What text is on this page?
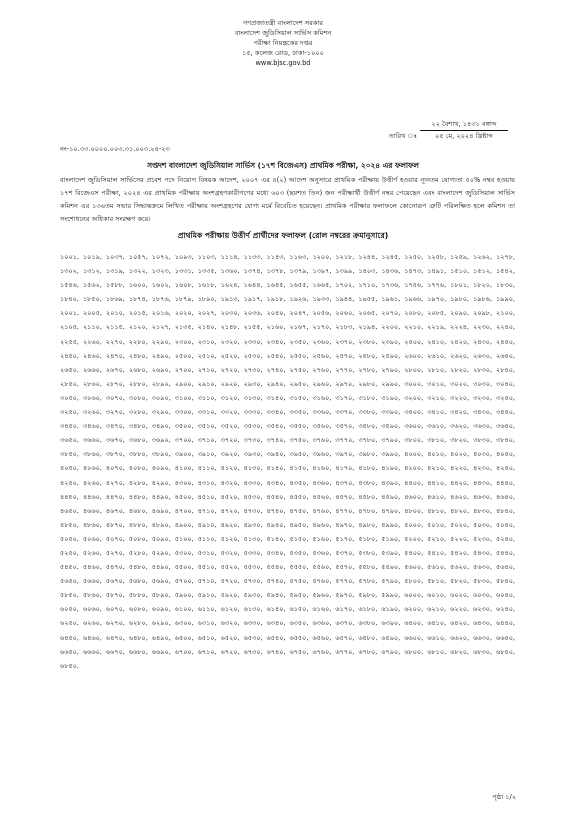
গণপ্রজাতন্ত্রী বাংলাদেশ সরকার
বাংলাদেশ জুডিসিয়াল সার্ভিস কমিশন
পরীক্ষা নিয়ন্ত্রকের দপ্তর
১৫, কলেজ রোড, ঢাকা-১০০০
www.bjsc.gov.bd
তারিখ ঃ
২২ বৈশাখ, ১৪৩১ বঙ্গাব্দ
০৫ মে, ২০২৪ খ্রিষ্টাব্দ
নং-১০.৩৩.০০০০.০০৩.৩১.০০৩.২৪-২৩
সপ্তদশ বাংলাদেশ জুডিসিয়াল সার্ভিস (১৭শ বিজেএস) প্রাথমিক পরীক্ষা, ২০২৪ এর ফলাফল
বাংলাদেশ জুডিসিয়াল সার্ভিসের প্রবেশ পদে নিয়োগ বিষয়ক আদেশ, ২০০৭ এর ৪(২) আদেশ অনুসারে প্রাথমিক পরীক্ষায় উত্তীর্ণ হওয়ার ন্যূনতম যোগ্যতা ৫০% নম্বর হওয়ায় ১৭শ বিজেএস পরীক্ষা, ২০২৪ এর প্রাথমিক পরীক্ষায় অংশগ্রহণকারীগণের মধ্যে ৬০৩ (ছয়শত তিন) জন পরীক্ষার্থী উত্তীর্ণ নম্বর পেয়েছেন এবং বাংলাদেশ জুডিসিয়াল সার্ভিস কমিশন এর ১৩৬তম সভার সিদ্ধান্তক্রমে লিখিত পরীক্ষায় অংশগ্রহণের যোগ্য মর্মে বিবেচিত হয়েছেন। প্রাথমিক পরীক্ষার ফলাফলে কোনোরূপ ত্রুটি পরিলক্ষিত হলে কমিশন তা সংশোধনের অধিকার সংরক্ষণ করে।
প্রাথমিক পরীক্ষায় উত্তীর্ণ প্রার্থীদের ফলাফল (রোল নম্বরের ক্রমানুসারে)
১০০১, ১০১৯, ১০৩৭, ১০৫৭, ১০৭২, ১০৯৩, ১১০৩, ১১১৪, ১১৩৩, ১১৪৩, ১১৬৩, ১২০০, ১২১৮, ১২৪৪, ১২৪৫, ১২৫০, ১২৫৮, ১২৫৯, ১২৬২, ১২৭৮, ১৩০২, ১৩১২, ১৩১৯, ১৩২২, ১৩২৩, ১৩৩১, ১৩৩৫, ১৩৬০, ১৩৭৪, ১৩৭৮, ১৩৭৯, ১৩৯৭, ১৩৯৯, ১৪০৩, ১৪৩৬, ১৪৭৩, ১৪৯১, ১৫১০, ১৫১২, ১৫৪২, ১৫৪৬, ১৫৬২, ১৫৮৮, ১৬০০, ১৬০২, ১৬০৮, ১৬১৮, ১৬২৪, ১৬৪৪, ১৬৪৫, ১৬৫৫, ১৬৬৫, ১৭০২, ১৭১০, ১৭৩৬, ১৭৫৬, ১৭৭৬, ১৮০১, ১৮২০, ১৮৩০, ১৮৪০, ১৮৫০, ১৮৬৯, ১৮৭৪, ১৮৭৬, ১৮৭৯, ১৮৯০, ১৯১৩, ১৯১৭, ১৯১৮, ১৯২৬, ১৯৩৩, ১৯৪৪, ১৯৫৫, ১৯৬১, ১৯৬৬, ১৯৭০, ১৯৮০, ১৯৮৬, ১৯৯০, ২০০১, ২০০৫, ২০১০, ২০১৫, ২০১৬, ২০২০, ২০২৭, ২০৩০, ২০৩৬, ২০৪০, ২০৪৭, ২০৫৬, ২০৬০, ২০৬৫, ২০৭০, ২০৮০, ২০৮৫, ২০৯০, ২০৯৮, ২১০০, ২১০৫, ২১১০, ২১১৫, ২১২০, ২১২৭, ২১৩৫, ২১৪০, ২১৪৮, ২১৫৫, ২১৬০, ২১৬৭, ২১৭০, ২১৮৩, ২১৯৪, ২২০০, ২২১০, ২২১৯, ২২২৪, ২২৩০, ২২৪০, ২২৫৫, ২২৬০, ২২৭০, ২২৮০, ২২৯০, ২৩০০, ২৩১০, ২৩২০, ২৩৩০, ২৩৪০, ২৩৫০, ২৩৬০, ২৩৭০, ২৩৮০, ২৩৯০, ২৪০০, ২৪১০, ২৪২০, ২৪৩০, ২৪৪০, ২৪৫০, ২৪৬০, ২৪৭০, ২৪৮০, ২৪৯০, ২৫০০, ২৫১০, ২৫২০, ২৫৩০, ২৫৪০, ২৫৫০, ২৫৬০, ২৫৭০, ২৫৮০, ২৫৯০, ২৬০০, ২৬১০, ২৬২০, ২৬৩০, ২৬৪০, ২৬৫০, ২৬৬০, ২৬৭০, ২৬৮০, ২৬৯০, ২৭০০, ২৭১০, ২৭২০, ২৭৩০, ২৭৪০, ২৭৫০, ২৭৬০, ২৭৭০, ২৭৮০, ২৭৯০, ২৮০০, ২৮১০, ২৮২০, ২৮৩০, ২৮৪০, ২৮৫০, ২৮৬০, ২৮৭০, ২৮৮০, ২৮৯০, ২৯০০, ২৯১০, ২৯২০, ২৯৩০, ২৯৪০, ২৯৫০, ২৯৬০, ২৯৭০, ২৯৮০, ২৯৯০, ৩০০০, ৩০১০, ৩০২০, ৩০৩০, ৩০৪০, ৩০৫০, ৩০৬০, ৩০৭০, ৩০৮০, ৩০৯০, ৩১০০, ৩১১০, ৩১২০, ৩১৩০, ৩১৪০, ৩১৫০, ৩১৬০, ৩১৭০, ৩১৮০, ৩১৯০, ৩২০০, ৩২১০, ৩২২০, ৩২৩০, ৩২৪০, ৩২৫০, ৩২৬০, ৩২৭০, ৩২৮০, ৩২৯০, ৩৩০০, ৩৩১০, ৩৩২০, ৩৩৩০, ৩৩৪০, ৩৩৫০, ৩৩৬০, ৩৩৭০, ৩৩৮০, ৩৩৯০, ৩৪০০, ৩৪১০, ৩৪২০, ৩৪৩০, ৩৪৪০, ৩৪৫০, ৩৪৬০, ৩৪৭০, ৩৪৮০, ৩৪৯০, ৩৫০০, ৩৫১০, ৩৫২০, ৩৫৩০, ৩৫৪০, ৩৫৫০, ৩৫৬০, ৩৫৭০, ৩৫৮০, ৩৫৯০, ৩৬০০, ৩৬১০, ৩৬২০, ৩৬৩০, ৩৬৪০, ৩৬৫০, ৩৬৬০, ৩৬৭০, ৩৬৮০, ৩৬৯০, ৩৭০০, ৩৭১০, ৩৭২০, ৩৭৩০, ৩৭৪০, ৩৭৫০, ৩৭৬০, ৩৭৭০, ৩৭৮০, ৩৭৯০, ৩৮০০, ৩৮১০, ৩৮২০, ৩৮৩০, ৩৮৪০, ৩৮৫০, ৩৮৬০, ৩৮৭০, ৩৮৮০, ৩৮৯০, ৩৯০০, ৩৯১০, ৩৯২০, ৩৯৩০, ৩৯৪০, ৩৯৫০, ৩৯৬০, ৩৯৭০, ৩৯৮০, ৩৯৯০, ৪০০০, ৪০১০, ৪০২০, ৪০৩০, ৪০৪০, ৪০৫০, ৪০৬০, ৪০৭০, ৪০৮০, ৪০৯০, ৪১০০, ৪১১০, ৪১২০, ৪১৩০, ৪১৪০, ৪১৫০, ৪১৬০, ৪১৭০, ৪১৮০, ৪১৯০, ৪২০০, ৪২১০, ৪২২০, ৪২৩০, ৪২৪০, ৪২৫০, ৪২৬০, ৪২৭০, ৪২৮০, ৪২৯০, ৪৩০০, ৪৩১০, ৪৩২০, ৪৩৩০, ৪৩৪০, ৪৩৫০, ৪৩৬০, ৪৩৭০, ৪৩৮০, ৪৩৯০, ৪৪০০, ৪৪১০, ৪৪২০, ৪৪৩০, ৪৪৪০, ৪৪৫০, ৪৪৬০, ৪৪৭০, ৪৪৮০, ৪৪৯০, ৪৫০০, ৪৫১০, ৪৫২০, ৪৫৩০, ৪৫৪০, ৪৫৫০, ৪৫৬০, ৪৫৭০, ৪৫৮০, ৪৫৯০, ৪৬০০, ৪৬১০, ৪৬২০, ৪৬৩০, ৪৬৪০, ৪৬৫০, ৪৬৬০, ৪৬৭০, ৪৬৮০, ৪৬৯০, ৪৭০০, ৪৭১০, ৪৭২০, ৪৭৩০, ৪৭৪০, ৪৭৫০, ৪৭৬০, ৪৭৭০, ৪৭৮০, ৪৭৯০, ৪৮০০, ৪৮১০, ৪৮২০, ৪৮৩০, ৪৮৪০, ৪৮৫০, ৪৮৬০, ৪৮৭০, ৪৮৮০, ৪৮৯০, ৪৯০০, ৪৯১০, ৪৯২০, ৪৯৩০, ৪৯৪০, ৪৯৫০, ৪৯৬০, ৪৯৭০, ৪৯৮০, ৪৯৯০, ৫০০০, ৫০১০, ৫০২০, ৫০৩০, ৫০৪০, ৫০৫০, ৫০৬০, ৫০৭০, ৫০৮০, ৫০৯০, ৫১০০, ৫১১০, ৫১২০, ৫১৩০, ৫১৪০, ৫১৫০, ৫১৬০, ৫১৭০, ৫১৮০, ৫১৯০, ৫২০০, ৫২১০, ৫২২০, ৫২৩০, ৫২৪০, ৫২৫০, ৫২৬০, ৫২৭০, ৫২৮০, ৫২৯০, ৫৩০০, ৫৩১০, ৫৩২০, ৫৩৩০, ৫৩৪০, ৫৩৫০, ৫৩৬০, ৫৩৭০, ৫৩৮০, ৫৩৯০, ৫৪০০, ৫৪১০, ৫৪২০, ৫৪৩০, ৫৪৪০, ৫৪৫০, ৫৪৬০, ৫৪৭০, ৫৪৮০, ৫৪৯০, ৫৫০০, ৫৫১০, ৫৫২০, ৫৫৩০, ৫৫৪০, ৫৫৫০, ৫৫৬০, ৫৫৭০, ৫৫৮০, ৫৫৯০, ৫৬০০, ৫৬১০, ৫৬২০, ৫৬৩০, ৫৬৪০, ৫৬৫০, ৫৬৬০, ৫৬৭০, ৫৬৮০, ৫৬৯০, ৫৭০০, ৫৭১০, ৫৭২০, ৫৭৩০, ৫৭৪০, ৫৭৫০, ৫৭৬০, ৫৭৭০, ৫৭৮০, ৫৭৯০, ৫৮০০, ৫৮১০, ৫৮২০, ৫৮৩০, ৫৮৪০, ৫৮৫০, ৫৮৬০, ৫৮৭০, ৫৮৮০, ৫৮৯০, ৫৯০০, ৫৯১০, ৫৯২০, ৫৯৩০, ৫৯৪০, ৫৯৫০, ৫৯৬০, ৫৯৭০, ৫৯৮০, ৫৯৯০, ৬০০০, ৬০১০, ৬০২০, ৬০৩০, ৬০৪০, ৬০৫০, ৬০৬০, ৬০৭০, ৬০৮০, ৬০৯০, ৬১০০, ৬১১০, ৬১২০, ৬১৩০, ৬১৪০, ৬১৫০, ৬১৬০, ৬১৭০, ৬১৮০, ৬১৯০, ৬২০০, ৬২১০, ৬২২০, ৬২৩০, ৬২৪০, ৬২৫০, ৬২৬০, ৬২৭০, ৬২৮০, ৬২৯০, ৬৩০০, ৬৩১০, ৬৩২০, ৬৩৩০, ৬৩৪০, ৬৩৫০, ৬৩৬০, ৬৩৭০, ৬৩৮০, ৬৩৯০, ৬৪০০, ৬৪১০, ৬৪২০, ৬৪৩০, ৬৪৪০, ৬৪৫০, ৬৪৬০, ৬৪৭০, ৬৪৮০, ৬৪৯০, ৬৫০০, ৬৫১০, ৬৫২০, ৬৫৩০, ৬৫৪০, ৬৫৫০, ৬৫৬০, ৬৫৭০, ৬৫৮০, ৬৫৯০, ৬৬০০, ৬৬১০, ৬৬২০, ৬৬৩০, ৬৬৪০, ৬৬৫০, ৬৬৬০, ৬৬৭০, ৬৬৮০, ৬৬৯০, ৬৭০০, ৬৭১০, ৬৭২০, ৬৭৩০, ৬৭৪০, ৬৭৫০, ৬৭৬০, ৬৭৭০, ৬৭৮০, ৬৭৯০, ৬৮০০, ৬৮১০, ৬৮২০, ৬৮৩০, ৬৮৪০, ৬৮৫০,
পৃষ্ঠা ১/২
